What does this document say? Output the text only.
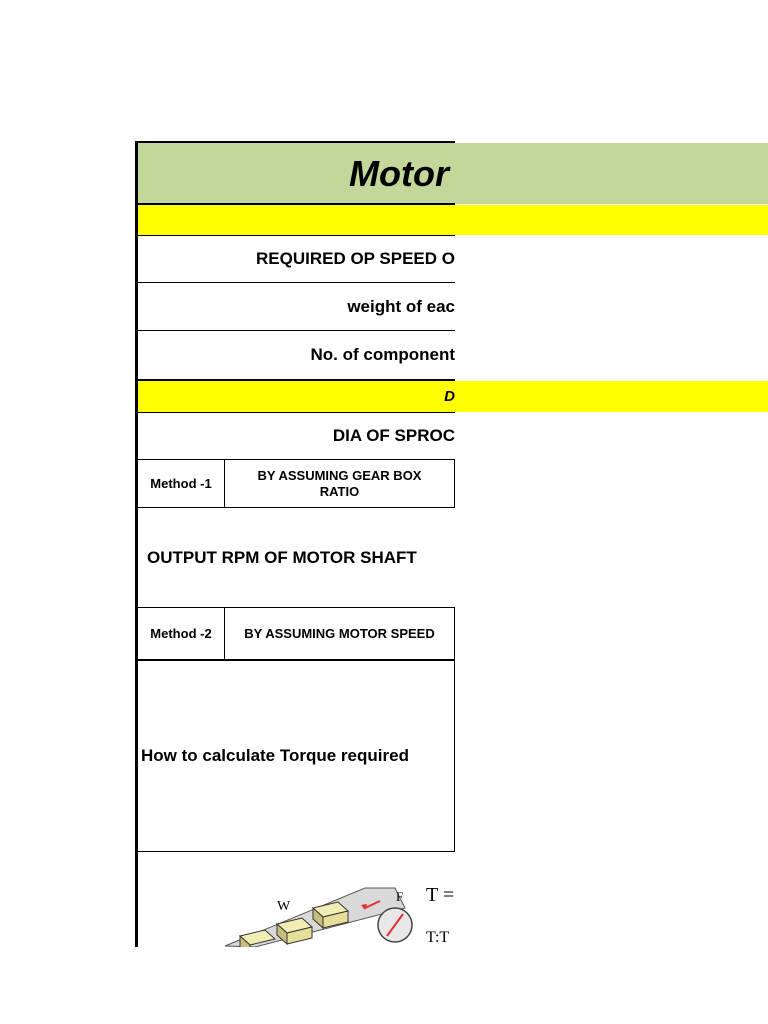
Motor
REQUIRED OP SPEED O
weight of eac
No. of component
D
DIA OF SPROC
Method -1
BY ASSUMING GEAR BOX
RATIO
OUTPUT RPM OF MOTOR SHAFT
Method -2	BY ASSUMING MOTOR SPEED
How to calculate Torque required
W
F T =
T:T
